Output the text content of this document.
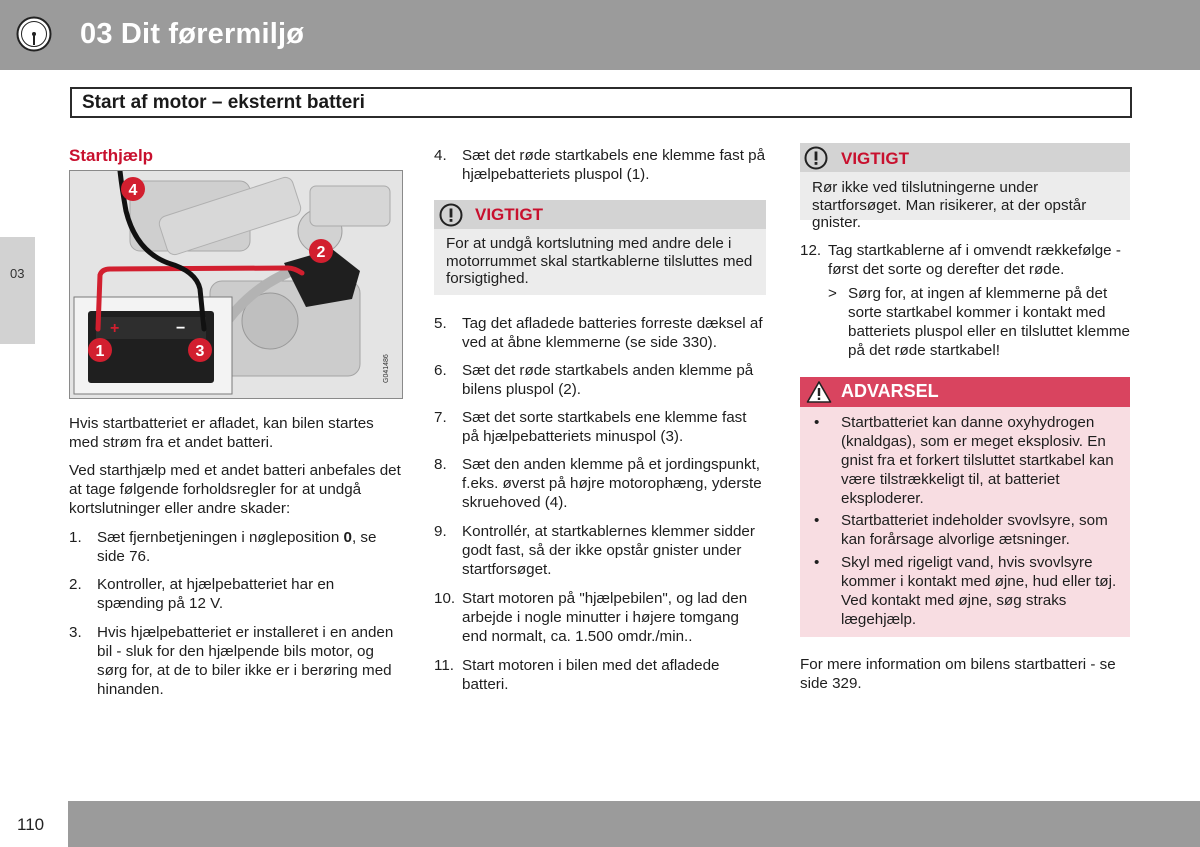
03 Dit førermiljø
Start af motor – eksternt batteri
03
Starthjælp
+	−
4
2
1	3
G041486
Hvis startbatteriet er afladet, kan bilen startes med strøm fra et andet batteri.
Ved starthjælp med et andet batteri anbefales det at tage følgende forholdsregler for at undgå kortslutninger eller andre skader:
1. Sæt fjernbetjeningen i nøgleposition 0, se side 76.
2. Kontroller, at hjælpebatteriet har en spænding på 12 V.
3. Hvis hjælpebatteriet er installeret i en anden bil - sluk for den hjælpende bils motor, og sørg for, at de to biler ikke er i berøring med hinanden.
4. Sæt det røde startkabels ene klemme fast på hjælpebatteriets pluspol (1).
VIGTIGT
For at undgå kortslutning med andre dele i motorrummet skal startkablerne tilsluttes med forsigtighed.
5. Tag det afladede batteries forreste dæksel af ved at åbne klemmerne (se side 330).
6. Sæt det røde startkabels anden klemme på bilens pluspol (2).
7. Sæt det sorte startkabels ene klemme fast på hjælpebatteriets minuspol (3).
8. Sæt den anden klemme på et jordingspunkt, f.eks. øverst på højre motorophæng, yderste skruehoved (4).
9. Kontrollér, at startkablernes klemmer sidder godt fast, så der ikke opstår gnister under startforsøget.
10. Start motoren på "hjælpebilen", og lad den arbejde i nogle minutter i højere tomgang end normalt, ca. 1.500 omdr./min..
11. Start motoren i bilen med det afladede batteri.
VIGTIGT
Rør ikke ved tilslutningerne under startforsøget. Man risikerer, at der opstår gnister.
12. Tag startkablerne af i omvendt rækkefølge - først det sorte og derefter det røde.
> Sørg for, at ingen af klemmerne på det sorte startkabel kommer i kontakt med batteriets pluspol eller en tilsluttet klemme på det røde startkabel!
ADVARSEL
• Startbatteriet kan danne oxyhydrogen (knaldgas), som er meget eksplosiv. En gnist fra et forkert tilsluttet startkabel kan være tilstrækkeligt til, at batteriet eksploderer.
• Startbatteriet indeholder svovlsyre, som kan forårsage alvorlige ætsninger.
• Skyl med rigeligt vand, hvis svovlsyre kommer i kontakt med øjne, hud eller tøj. Ved kontakt med øjne, søg straks lægehjælp.
For mere information om bilens startbatteri - se side 329.
110
